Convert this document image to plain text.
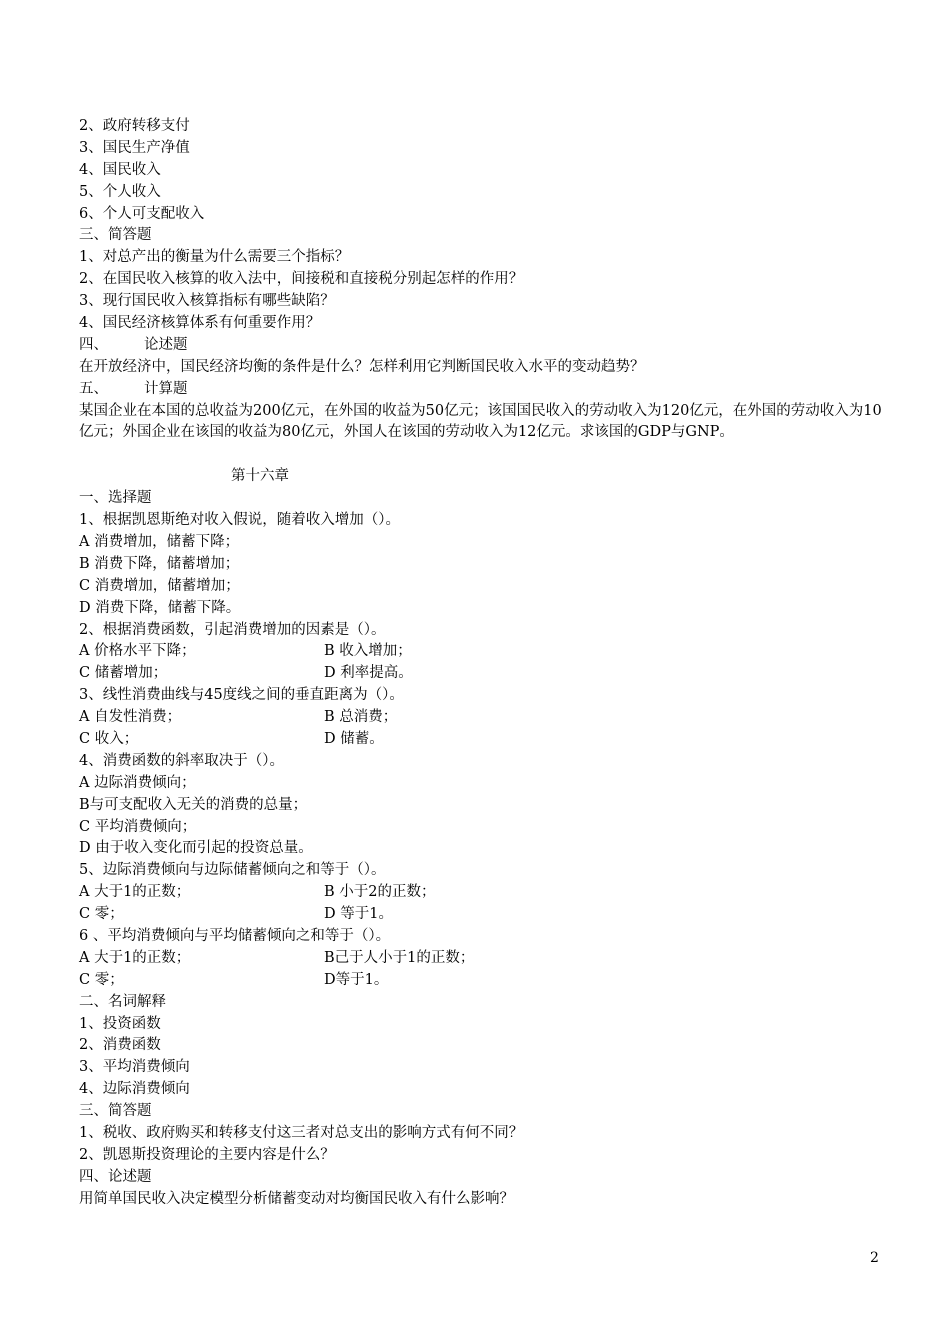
2、政府转移支付
3、国民生产净值
4、国民收入
5、个人收入
6、个人可支配收入
三、简答题
1、对总产出的衡量为什么需要三个指标？
2、在国民收入核算的收入法中，间接税和直接税分别起怎样的作用？
3、现行国民收入核算指标有哪些缺陷？
4、国民经济核算体系有何重要作用？
四、 论述题
在开放经济中，国民经济均衡的条件是什么？怎样利用它判断国民收入水平的变动趋势？
五、 计算题
某国企业在本国的总收益为200亿元，在外国的收益为50亿元；该国国民收入的劳动收入为120亿元，在外国的劳动收入为10亿元；外国企业在该国的收益为80亿元，外国人在该国的劳动收入为12亿元。求该国的GDP与GNP。
第十六章
一、选择题
1、根据凯恩斯绝对收入假说，随着收入增加（）。
A 消费增加，储蓄下降；
B 消费下降，储蓄增加；
C 消费增加，储蓄增加；
D 消费下降，储蓄下降。
2、根据消费函数，引起消费增加的因素是（）。
A 价格水平下降；	B 收入增加；
C 储蓄增加；	D 利率提高。
3、线性消费曲线与45度线之间的垂直距离为（）。
A 自发性消费；	B 总消费；
C 收入；	D 储蓄。
4、消费函数的斜率取决于（）。
A 边际消费倾向；
B与可支配收入无关的消费的总量；
C 平均消费倾向；
D 由于收入变化而引起的投资总量。
5、边际消费倾向与边际储蓄倾向之和等于（）。
A 大于1的正数；	B 小于2的正数；
C 零；	D 等于1。
6 、平均消费倾向与平均储蓄倾向之和等于（）。
A 大于1的正数；	B己于人小于1的正数；
C 零；	D等于1。
二、名词解释
1、投资函数
2、消费函数
3、平均消费倾向
4、边际消费倾向
三、简答题
1、税收、政府购买和转移支付这三者对总支出的影响方式有何不同？
2、凯恩斯投资理论的主要内容是什么？
四、论述题
用简单国民收入决定模型分析储蓄变动对均衡国民收入有什么影响？
2
